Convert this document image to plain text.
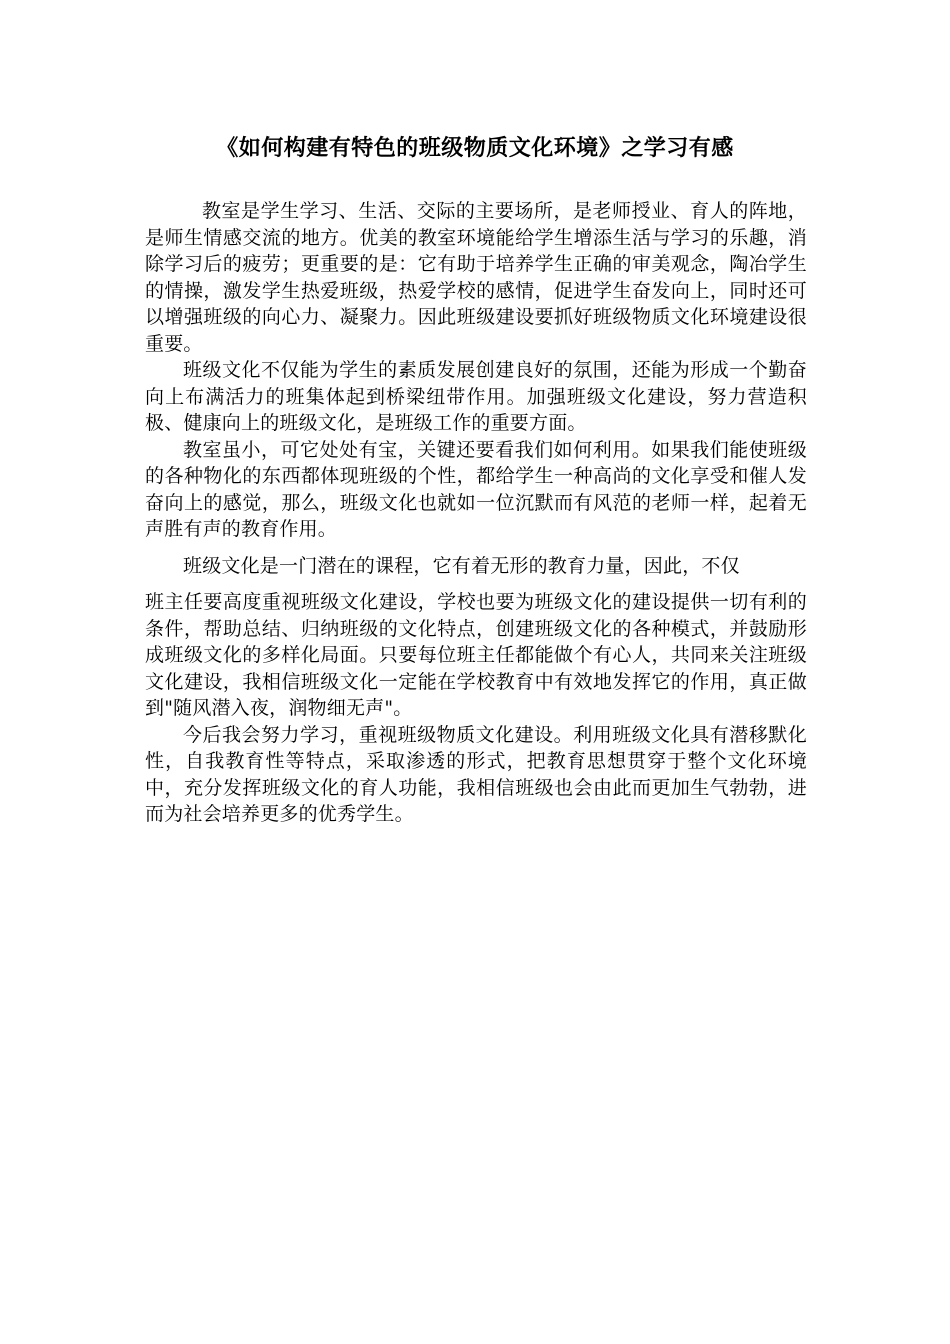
《如何构建有特色的班级物质文化环境》之学习有感

教室是学生学习、生活、交际的主要场所，是老师授业、育人的阵地，是师生情感交流的地方。优美的教室环境能给学生增添生活与学习的乐趣，消除学习后的疲劳；更重要的是：它有助于培养学生正确的审美观念，陶冶学生的情操，激发学生热爱班级，热爱学校的感情，促进学生奋发向上，同时还可以增强班级的向心力、凝聚力。因此班级建设要抓好班级物质文化环境建设很重要。

班级文化不仅能为学生的素质发展创建良好的氛围，还能为形成一个勤奋向上布满活力的班集体起到桥梁纽带作用。加强班级文化建设，努力营造积极、健康向上的班级文化，是班级工作的重要方面。

教室虽小，可它处处有宝，关键还要看我们如何利用。如果我们能使班级的各种物化的东西都体现班级的个性，都给学生一种高尚的文化享受和催人发奋向上的感觉，那么，班级文化也就如一位沉默而有风范的老师一样，起着无声胜有声的教育作用。

班级文化是一门潜在的课程，它有着无形的教育力量，因此，不仅
班主任要高度重视班级文化建设，学校也要为班级文化的建设提供一切有利的条件，帮助总结、归纳班级的文化特点，创建班级文化的各种模式，并鼓励形成班级文化的多样化局面。只要每位班主任都能做个有心人，共同来关注班级文化建设，我相信班级文化一定能在学校教育中有效地发挥它的作用，真正做到"随风潜入夜，润物细无声"。

今后我会努力学习，重视班级物质文化建设。利用班级文化具有潜移默化性，自我教育性等特点，采取渗透的形式，把教育思想贯穿于整个文化环境中，充分发挥班级文化的育人功能，我相信班级也会由此而更加生气勃勃，进而为社会培养更多的优秀学生。
